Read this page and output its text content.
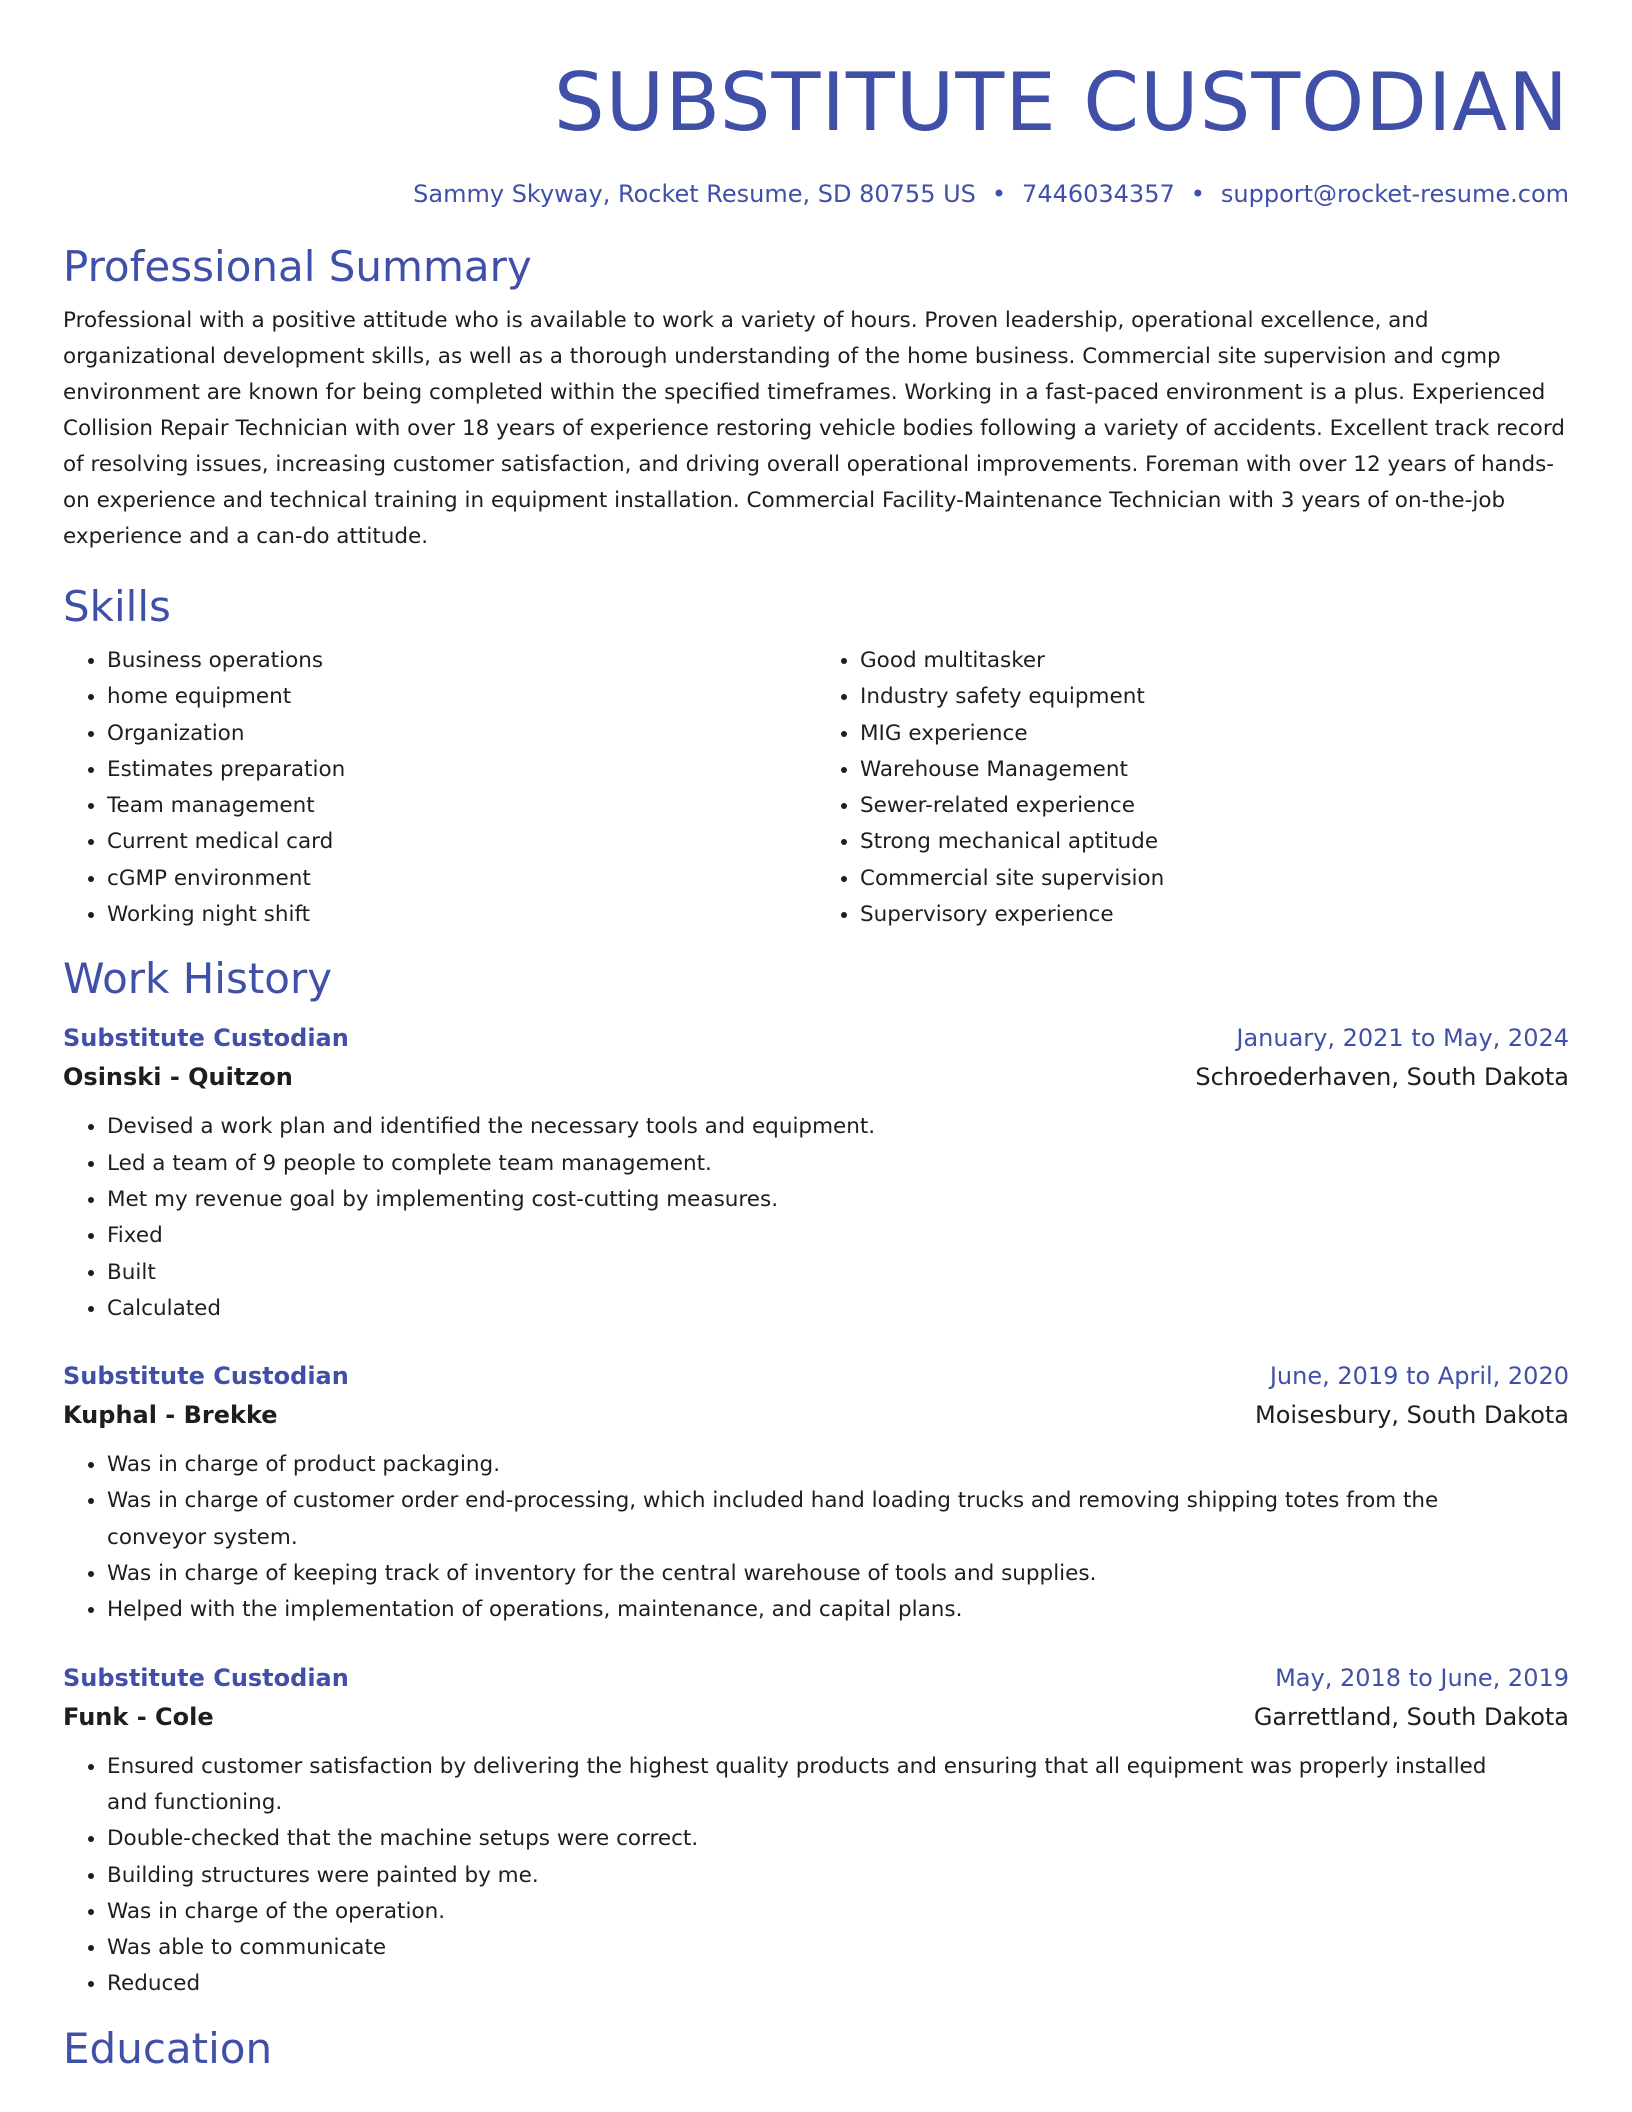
SUBSTITUTE CUSTODIAN
Sammy Skyway, Rocket Resume, SD 80755 US • 7446034357 • support@rocket-resume.com
Professional Summary
Professional with a positive attitude who is available to work a variety of hours. Proven leadership, operational excellence, and organizational development skills, as well as a thorough understanding of the home business. Commercial site supervision and cgmp environment are known for being completed within the specified timeframes. Working in a fast-paced environment is a plus. Experienced Collision Repair Technician with over 18 years of experience restoring vehicle bodies following a variety of accidents. Excellent track record of resolving issues, increasing customer satisfaction, and driving overall operational improvements. Foreman with over 12 years of hands-on experience and technical training in equipment installation. Commercial Facility-Maintenance Technician with 3 years of on-the-job experience and a can-do attitude.
Skills
• Business operations
• home equipment
• Organization
• Estimates preparation
• Team management
• Current medical card
• cGMP environment
• Working night shift
• Good multitasker
• Industry safety equipment
• MIG experience
• Warehouse Management
• Sewer-related experience
• Strong mechanical aptitude
• Commercial site supervision
• Supervisory experience
Work History
Substitute Custodian	January, 2021 to May, 2024
Osinski - Quitzon	Schroederhaven, South Dakota
• Devised a work plan and identified the necessary tools and equipment.
• Led a team of 9 people to complete team management.
• Met my revenue goal by implementing cost-cutting measures.
• Fixed
• Built
• Calculated
Substitute Custodian	June, 2019 to April, 2020
Kuphal - Brekke	Moisesbury, South Dakota
• Was in charge of product packaging.
• Was in charge of customer order end-processing, which included hand loading trucks and removing shipping totes from the conveyor system.
• Was in charge of keeping track of inventory for the central warehouse of tools and supplies.
• Helped with the implementation of operations, maintenance, and capital plans.
Substitute Custodian	May, 2018 to June, 2019
Funk - Cole	Garrettland, South Dakota
• Ensured customer satisfaction by delivering the highest quality products and ensuring that all equipment was properly installed and functioning.
• Double-checked that the machine setups were correct.
• Building structures were painted by me.
• Was in charge of the operation.
• Was able to communicate
• Reduced
Education
